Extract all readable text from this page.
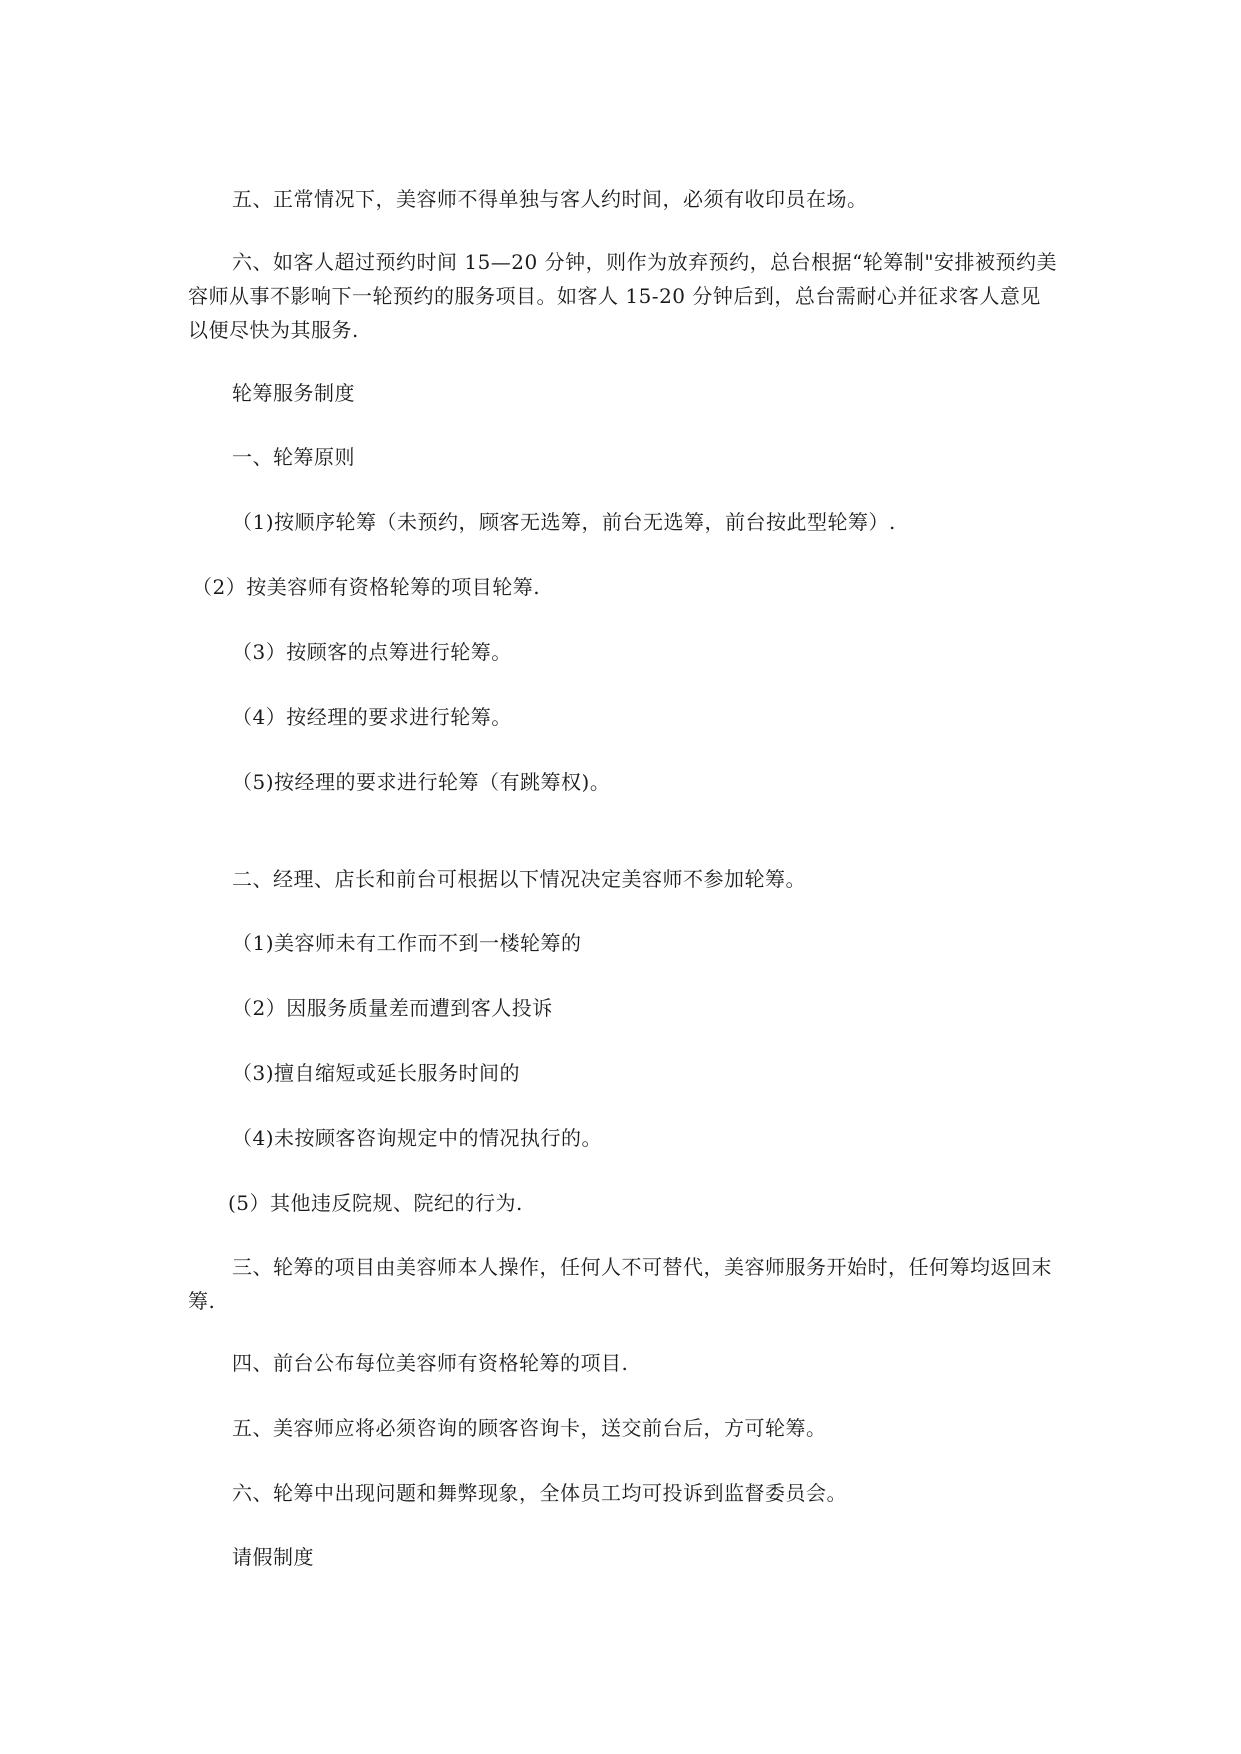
五、正常情况下，美容师不得单独与客人约时间，必须有收印员在场。

六、如客人超过预约时间 15—20 分钟，则作为放弃预约，总台根据“轮筹制"安排被预约美容师从事不影响下一轮预约的服务项目。如客人 15-20 分钟后到，总台需耐心并征求客人意见以便尽快为其服务.

轮筹服务制度

一、轮筹原则

（1)按顺序轮筹（未预约，顾客无选筹，前台无选筹，前台按此型轮筹）.

（2）按美容师有资格轮筹的项目轮筹.

（3）按顾客的点筹进行轮筹。

（4）按经理的要求进行轮筹。

（5)按经理的要求进行轮筹（有跳筹权)。

二、经理、店长和前台可根据以下情况决定美容师不参加轮筹。

（1)美容师未有工作而不到一楼轮筹的

（2）因服务质量差而遭到客人投诉

（3)擅自缩短或延长服务时间的

（4)未按顾客咨询规定中的情况执行的。

(5）其他违反院规、院纪的行为.

三、轮筹的项目由美容师本人操作，任何人不可替代，美容师服务开始时，任何筹均返回末筹.

四、前台公布每位美容师有资格轮筹的项目.

五、美容师应将必须咨询的顾客咨询卡，送交前台后，方可轮筹。

六、轮筹中出现问题和舞弊现象，全体员工均可投诉到监督委员会。

请假制度
